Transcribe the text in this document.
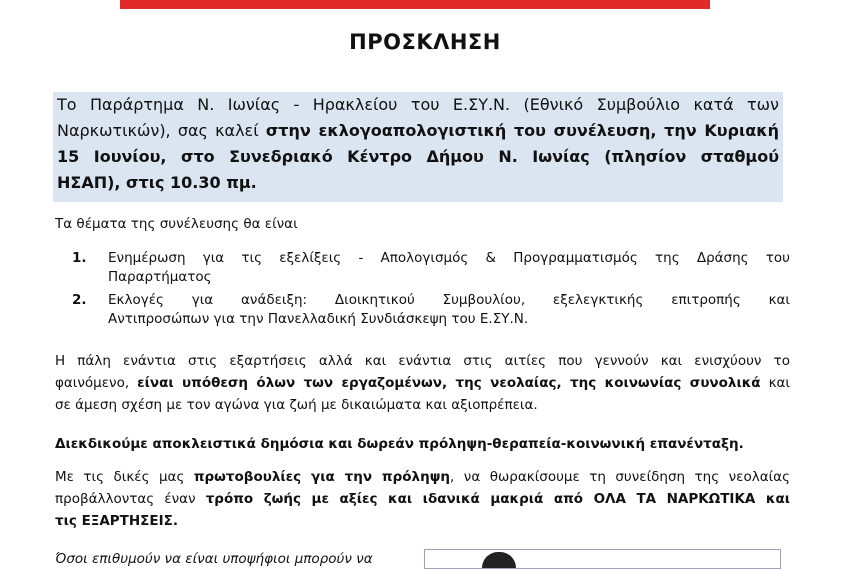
ΠΡΟΣΚΛΗΣΗ
Το Παράρτημα Ν. Ιωνίας - Ηρακλείου του Ε.ΣΥ.Ν. (Εθνικό Συμβούλιο κατά των
Ναρκωτικών), σας καλεί στην εκλογοαπολογιστική του συνέλευση, την Κυριακή
15 Ιουνίου, στο Συνεδριακό Κέντρο Δήμου Ν. Ιωνίας (πλησίον σταθμού
ΗΣΑΠ), στις 10.30 πμ.
Τα θέματα της συνέλευσης θα είναι
1. Ενημέρωση για τις εξελίξεις - Απολογισμός & Προγραμματισμός της Δράσης του
Παραρτήματος
2. Εκλογές για ανάδειξη: Διοικητικού Συμβουλίου, εξελεγκτικής επιτροπής και
Αντιπροσώπων για την Πανελλαδική Συνδιάσκεψη του Ε.ΣΥ.Ν.
Η πάλη ενάντια στις εξαρτήσεις αλλά και ενάντια στις αιτίες που γεννούν και ενισχύουν το
φαινόμενο, είναι υπόθεση όλων των εργαζομένων, της νεολαίας, της κοινωνίας συνολικά και
σε άμεση σχέση με τον αγώνα για ζωή με δικαιώματα και αξιοπρέπεια.
Διεκδικούμε αποκλειστικά δημόσια και δωρεάν πρόληψη-θεραπεία-κοινωνική επανένταξη.
Με τις δικές μας πρωτοβουλίες για την πρόληψη, να θωρακίσουμε τη συνείδηση της νεολαίας
προβάλλοντας έναν τρόπο ζωής με αξίες και ιδανικά μακριά από ΟΛΑ ΤΑ ΝΑΡΚΩΤΙΚΑ και
τις ΕΞΑΡΤΗΣΕΙΣ.
Όσοι επιθυμούν να είναι υποψήφιοι μπορούν να
